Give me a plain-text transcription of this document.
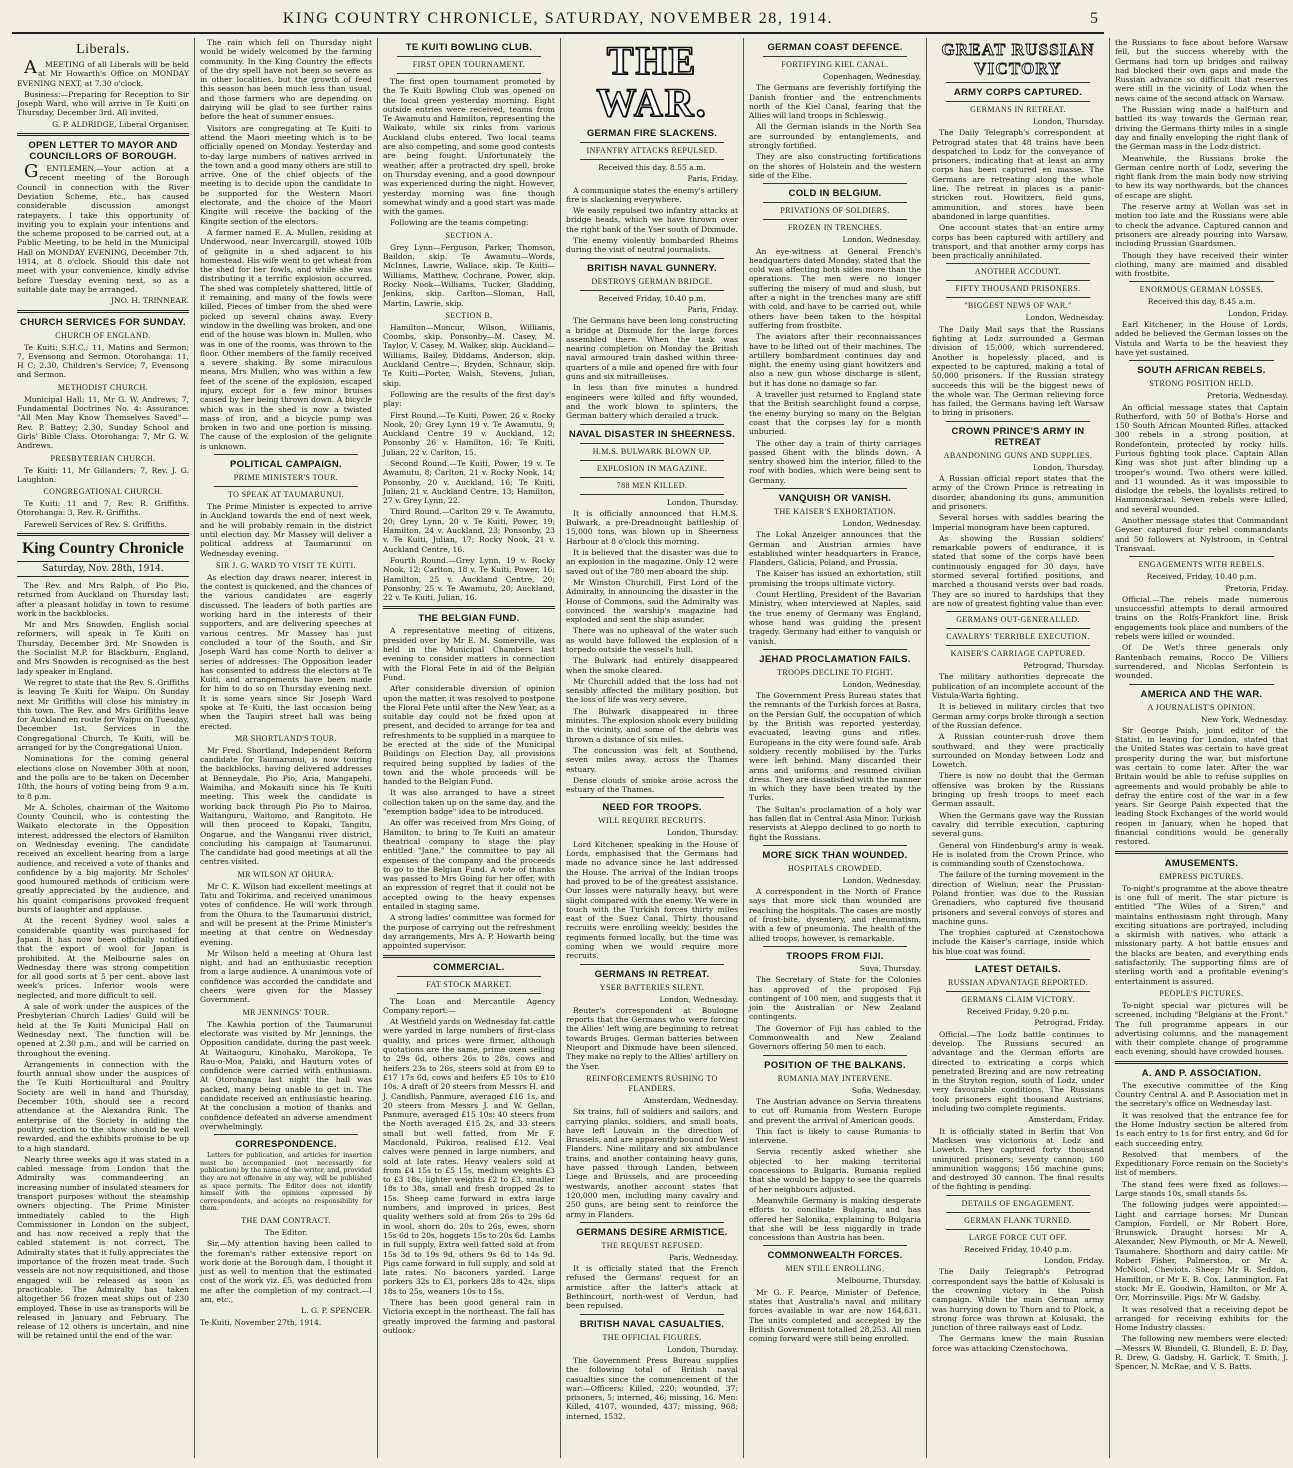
KING COUNTRY CHRONICLE, SATURDAY, NOVEMBER 28, 1914.	5
Liberals.

AMEETING of all Liberals will be held at Mr Howarth's Office on MONDAY EVENING NEXT, at 7.30 o'clock.

Business:—Preparing for Reception to Sir Joseph Ward, who will arrive in Te Kuiti on Thursday, December 3rd. All invited.

G. P. ALDRIDGE, Liberal Organiser.

OPEN LETTER TO MAYOR AND COUNCILLORS OF BOROUGH.

GENTLEMEN,—Your action at a recent meeting of the Borough Council in connection with the River Deviation Scheme, etc., has caused considerable discussion amongst ratepayers. I take this opportunity of inviting you to explain your intentions and the scheme proposed to be carried out, at a Public Meeting, to be held in the Municipal Hall on MONDAY EVENING, December 7th, 1914, at 8 o'clock. Should this date not meet with your convenience, kindly advise before Tuesday evening next, so as a suitable date may be arranged.

JNO. H. TRINNEAR.

CHURCH SERVICES FOR SUNDAY.
CHURCH OF ENGLAND.

Te Kuiti: S.H.C.; 11, Matins and Sermon; 7, Evensong and Sermon. Otorohanga: 11, H C; 2.30, Children's Service; 7, Evensong and Sermon.

METHODIST CHURCH.

Municipal Hall: 11, Mr G. W. Andrews; 7, Fundamental Doctrines No. 4: Assurance: "All Men May Know Themselves Saved"—Rev. P. Battey; 2.30, Sunday School and Girls' Bible Class. Otorohanga: 7, Mr G. W. Andrews.

PRESBYTERIAN CHURCH.

Te Kuiti: 11, Mr Gillanders; 7, Rev. J. G. Laughton.

CONGREGATIONAL CHURCH.

Te Kuiti: 11 and 7, Rev. R. Griffiths. Otorohanga: 3, Rev. R. Griffiths.

Farewell Services of Rev. S. Griffiths.

King Country Chronicle
Saturday, Nov. 28th, 1914.

The Rev. and Mrs Ralph, of Pio Pio, returned from Auckland on Thursday last, after a pleasant holiday in town to resume work in the backblocks.

Mr and Mrs Snowden, English social reformers, will speak in Te Kuiti on Thursday, December 3rd. Mr Snowden is the Socialist M.P. for Blackburn, England, and Mrs Snowden is recognised as the best lady speaker in England.

We regret to state that the Rev. S. Griffiths is leaving Te Kuiti for Waipu. On Sunday next Mr Griffiths will close his ministry in this town. The Rev. and Mrs Griffiths leave for Auckland en route for Waipu on Tuesday, December 1st. Services in the Congregational Church, Te Kuiti, will be arranged for by the Congregational Union.

Nominations for the coming general elections close on November 30th at noon, and the polls are to be taken on December 10th, the hours of voting being from 9 a.m. to 8 p.m.

Mr A. Scholes, chairman of the Waitomo County Council, who is contesting the Waikato electorate in the Opposition interest, addressed the electors of Hamilton on Wednesday evening. The candidate received an excellent hearing from a large audience, and received a vote of thanks and confidence by a big majority. Mr Scholes' good humoured methods of criticism were greatly appreciated by the audience, and his quaint comparisons provoked frequent bursts of laughter and applause.

At the recent Sydney wool sales a considerable quantity was purchased for Japan. It has now been officially notified that the export of wool for Japan is prohibited. At the Melbourne sales on Wednesday there was strong competition for all good sorts at 5 per cent. above last week's prices. Inferior wools were neglected, and more difficult to sell.

A sale of work under the auspices of the Presbyterian Church Ladies' Guild will be held at the Te Kuiti Municipal Hall on Wednesday next. The function will be opened at 2.30 p.m., and will be carried on throughout the evening.

Arrangements in connection with the fourth annual show under the auspices of the Te Kuiti Horticultural and Poultry Society are well in hand and Thursday, December 10th, should see a record attendance at the Alexandra Rink. The enterprise of the Society in adding the poultry section to the show should be well rewarded, and the exhibits promise to be up to a high standard.

Nearly three weeks ago it was stated in a cabled message from London that the Admiralty was commandeering an increasing number of insulated steamers for transport purposes without the steamship owners objecting. The Prime Minister immediately cabled to the High Commissioner in London on the subject, and has now received a reply that the cabled statement is not correct. The Admiralty states that it fully appreciates the importance of the frozen meat trade. Such vessels are not now requisitioned, and those engaged will be released as soon as practicable. The Admiralty has taken altogether 56 frozen meat ships out of 230 employed. These in use as transports will be released in January and February. The release of 12 others is uncertain, and nine will be retained until the end of the war.

The rain which fell on Thursday night would be widely welcomed by the farming community. In the King Country the effects of the dry spell have not been so severe as in other localities, but the growth of feed this season has been much less than usual, and those farmers who are depending on dairying will be glad to see further rains before the heat of summer ensues.

Visitors are congregating at Te Kuiti to attend the Maori meeting which is to be officially opened on Monday. Yesterday and to-day large numbers of natives arrived in the town and a good many others are still to arrive. One of the chief objects of the meeting is to decide upon the candidate to be supported for the Western Maori electorate, and the choice of the Maori Kingite will receive the backing of the Kingite section of the electors.

A farmer named E. A. Mullen, residing at Underwood, near Invercargill, stowed 10lb of gelignite in a shed adjacent to his homestead. His wife went to get wheat from the shed for her fowls, and while she was distributing it a terrific explosion occurred. The shed was completely shattered, little of it remaining, and many of the fowls were killed. Pieces of timber from the shed were picked up several chains away. Every window in the dwelling was broken, and one end of the house was blown in. Mullen, who was in one of the rooms, was thrown to the floor. Other members of the family received a severe shaking. By some miraculous means, Mrs Mullen, who was within a few feet of the scene of the explosion, escaped injury, except for a few minor bruises caused by her being thrown down. A bicycle which was in the shed is now a twisted mass of iron, and a bicycle pump was broken in two and one portion is missing. The cause of the explosion of the gelignite is unknown.

POLITICAL CAMPAIGN.
PRIME MINISTER'S TOUR.
TO SPEAK AT TAUMARUNUI.

The Prime Minister is expected to arrive in Auckland towards the end of next week, and he will probably remain in the district until election day. Mr Massey will deliver a political address at Taumarunui on Wednesday evening.

SIR J. G. WARD TO VISIT TE KUITI.

As election day draws nearer, interest in the contest is quickened, and the chances of the various candidates are eagerly discussed. The leaders of both parties are working hard in the interests of their supporters, and are delivering speeches at various centres. Mr Massey has just concluded a tour of the South, and Sir Joseph Ward has come North to deliver a series of addresses. The Opposition leader has consented to address the electors at Te Kuiti, and arrangements have been made for him to do so on Thursday evening next. It is some years since Sir Joseph Ward spoke at Te Kuiti, the last occasion being when the Taupiri street hall was being erected.

MR SHORTLAND'S TOUR.

Mr Fred. Shortland, Independent Reform candidate for Taumarunui, is now touring the backblocks, having delivered addresses at Benneydale, Pio Pio, Aria, Mangapehi, Waimiha, and Mokauiti since his Te Kuiti meeting. This week the candidate is working back through Pio Pio to Mairoa, Waitanguru, Waitomo, and Rangitoto. He will then proceed to Kopaki, Tangitu, Ongarue, and the Wanganui river district, concluding his campaign at Taumarunui. The candidate had good meetings at all the centres visited.

MR WILSON AT OHURA.

Mr C. K. Wilson had excellent meetings at Tatu and Tokirima, and received unanimous votes of confidence. He will work through from the Ohura to the Taumarunui district, and will be present at the Prime Minister's meeting at that centre on Wednesday evening.

Mr Wilson held a meeting at Ohura last night, and had an enthusiastic reception from a large audience. A unanimous vote of confidence was accorded the candidate and cheers were given for the Massey Government.

MR JENNINGS' TOUR.

The Kawhia portion of the Taumarunui electorate was visited by Mr Jennings, the Opposition candidate, during the past week. At Waitaoguru, Kinohaku, Marokopa, Te Rau-o-Moa, Paiaki, and Hauturu votes of confidence were carried with enthusiasm. At Otorohanga last night the hall was packed, many being unable to get in. The candidate received an enthusiastic hearing. At the conclusion a motion of thanks and confidence defeated an adverse amendment overwhelmingly.

CORRESPONDENCE.

Letters for publication, and articles for insertion must be accompanied (not necessarily for publication) by the name of the writer, and, provided they are not offensive in any way, will be published as space permits. The Editor does not identify himself with the opinions expressed by correspondents, and accepts no responsibility for them.

THE DAM CONTRACT.

The Editor.

Sir,—My attention having been called to the foreman's rather extensive report on work done at the Borough dam, I thought it just as well to mention that the estimated cost of the work viz. £5, was deducted from me after the completion of my contract.—I am, etc.,

L. G. P. SPENCER.

Te Kuiti, November 27th, 1914.

TE KUITI BOWLING CLUB.
FIRST OPEN TOURNAMENT.

The first open tournament promoted by the Te Kuiti Bowling Club was opened on the local green yesterday morning. Eight outside entries were received, teams from Te Awamutu and Hamilton, representing the Waikato, while six rinks from various Auckland clubs entered. Two local teams are also competing, and some good contests are being fought. Unfortunately the weather, after a protracted dry spell, broke on Thursday evening, and a good downpour was experienced during the night. However, yesterday morning was fine though somewhat windy and a good start was made with the games.

Following are the teams competing:

SECTION A.

Grey Lynn—Ferguson, Parker, Thomson, Baildon, skip. Te Awamutu—Words, McInnes, Lawrie, Wallace, skip. Te Kuiti—Williams, Matthew, Cochrane, Power, skip. Rocky Nook—Williams, Tucker, Gladding, Jenkins, skip. Carlton—Sloman, Hall, Martin, Lawrie, skip.

SECTION B.

Hamilton—Moncur, Wilson, Williams, Coombs, skip. Ponsonby—M. Casey, M. Taylor, V. Casey, M. Walker, skip. Auckland—Williams, Bailey, Diddams, Anderson, skip. Auckland Centre—, Bryden, Schnaur, skip. Te Kuiti—Porter, Walsh, Stevens, Julian, skip.

Following are the results of the first day's play:

First Round.—Te Kuiti, Power, 26 v. Rocky Nook, 20; Grey Lynn 19 v. Te Awamutu, 9; Auckland Centre 19 v. Auckland, 12; Ponsonby 26 v. Hamilton, 16; Te Kuiti, Julian, 22 v. Carlton, 15.

Second Round.—Te Kuiti, Power, 19 v. Te Awamutu, 8; Carlton, 21 v. Rocky Nook, 14; Ponsonby, 20 v. Auckland, 16; Te Kuiti, Julian, 21 v. Auckland Centre, 13; Hamilton, 27 v. Grey Lynn, 22.

Third Round.—Carlton 29 v. Te Awamutu, 20; Grey Lynn, 20 v. Te Kuiti, Power, 19; Hamilton, 24 v. Auckland, 23; Ponsonby, 23 v. Te Kuiti, Julian, 17; Rocky Nook, 21 v. Auckland Centre, 16.

Fourth Round.—Grey Lynn, 19 v. Rocky Nook, 12; Carlton, 18 v. Te Kuiti, Power, 16; Hamilton, 25 v. Auckland Centre, 20; Ponsonby, 25 v. Te Awamutu, 20; Auckland, 22 v. Te Kuiti, Julian, 16.

THE BELGIAN FUND.

A representative meeting of citizens, presided over by Mr E. M. Somerville, was held in the Municipal Chambers last evening to consider matters in connection with the Floral Fete in aid of the Belgian Fund.

After considerable diversion of opinion upon the matter, it was resolved to postpone the Floral Fete until after the New Year, as a suitable day could not be fixed upon at present, and decided to arrange for tea and refreshments to be supplied in a marquee to be erected at the side of the Municipal Buildings on Election Day, all provisions required being supplied by ladies of the town and the whole proceeds will be handed to the Belgian Fund.

It was also arranged to have a street collection taken up on the same day, and the "exemption badge" idea to be introduced.

An offer was received from Mrs Going, of Hamilton, to bring to Te Kuiti an amateur theatrical company to stage the play entitled "Jane," the committee to pay all expenses of the company and the proceeds to go to the Belgian Fund. A vote of thanks was passed to Mrs Going for her offer, with an expression of regret that it could not be accepted owing to the heavy expenses entailed in staging same.

A strong ladies' committee was formed for the purpose of carrying out the refreshment day arrangements, Mrs A. P. Howarth being appointed supervisor.

COMMERCIAL.
FAT STOCK MARKET.

The Loan and Mercantile Agency Company report:—

At Westfield yards on Wednesday fat cattle were yarded in large numbers of first-class quality, and prices were firmer, although quotations are the same, prime oxen selling to 29s 6d, others 26s to 28s, cows and heifers 23s to 26s, steers sold at from £9 to £17 17s 6d, cows and heifers £5 10s to £10 10s. A draft of 20 steers from Messrs H. and J. Candlish, Panmure, averaged £16 1s, and 20 steers from Messrs J. and W. Gellan, Panmure, averaged £15 10s; 40 steers from the North averaged £15 2s, and 33 steers small but well fatted, from Mr F. Macdonald, Pukiroa, realised £12. Veal calves were penned in large numbers, and sold at late rates. Heavy vealers sold at from £4 15s to £5 15s, medium weights £3 to £3 18s, lighter weights £2 to £3, smaller 18s to 38s, small and fresh dropped 2s to 15s. Sheep came forward in extra large numbers, and improved in prices. Best quality wethers sold at from 26s to 29s 6d in wool, shorn do. 20s to 26s, ewes, shorn 15s 6d to 20s, hoggets 15s to 20s 6d. Lambs in full supply, Extra well fatted sold at from 15s 3d to 19s 9d, others 9s 6d to 14s 9d. Pigs came forward in full supply, and sold at late rates. No baconers yarded. Large porkers 32s to £3, porkers 28s to 42s, slips 18s to 25s, weaners 10s to 15s.

There has been good general rain in Victoria except in the northeast. The fall has greatly improved the farming and pastoral outlook.

THE WAR.
GERMAN FIRE SLACKENS.
INFANTRY ATTACKS REPULSED.

Received this day, 8.55 a.m.

Paris, Friday.

A communique states the enemy's artillery fire is slackening everywhere.

We easily repulsed two infantry attacks at bridge heads, which we have thrown over the right bank of the Yser south of Dixmude.

The enemy violently bombarded Rheims during the visit of neutral journalists.

BRITISH NAVAL GUNNERY.
DESTROYS GERMAN BRIDGE.

Received Friday, 10.40 p.m.

Paris, Friday.

The Germans have been long constructing a bridge at Dixmude for the large forces assembled there. When the task was nearing completion on Monday the British naval armoured train dashed within three-quarters of a mile and opened fire with four guns and six mitrailleuses.

In less than five minutes a hundred engineers were killed and fifty wounded, and the work blown to splinters, the German battery which derailed a truck.

NAVAL DISASTER IN SHEERNESS.
H.M.S. BULWARK BLOWN UP.
EXPLOSION IN MAGAZINE.
788 MEN KILLED.

London, Thursday.

It is officially announced that H.M.S. Bulwark, a pre-Dreadnought battleship of 15,000 tons, was blown up in Sheerness Harbour at 8 o'clock this morning.

It is believed that the disaster was due to an explosion in the magazine. Only 12 were saved out of the 780 men aboard the ship.

Mr Winston Churchill, First Lord of the Admiralty, in announcing the disaster in the House of Commons, said the Admiralty was convinced the warship's magazine had exploded and sent the ship asunder.

There was no upheaval of the water such as would have followed the explosion of a torpedo outside the vessel's hull.

The Bulwark had entirely disappeared when the smoke cleared.

Mr Churchill added that the loss had not sensibly affected the military position, but the loss of life was very severe.

The Bulwark disappeared in three minutes. The explosion shook every building in the vicinity, and some of the debris was thrown a distance of six miles.

The concussion was felt at Southend, seven miles away, across the Thames estuary.

Dense clouds of smoke arose across the estuary of the Thames.

NEED FOR TROOPS.
WILL REQUIRE RECRUITS.

London, Thursday.

Lord Kitchener, speaking in the House of Lords, emphasised that the Germans had made no advance since he last addressed the House. The arrival of the Indian troops had proved to be of the greatest assistance. Our losses were naturally heavy, but were slight compared with the enemy. We were in touch with the Turkish forces thirty miles east of the Suez Canal. Thirty thousand recruits were enrolling weekly, besides the regiments formed locally, but the time was coming when we would require more recruits.

GERMANS IN RETREAT.
YSER BATTERIES SILENT.

London, Wednesday.

Reuter's correspondent at Boulogne reports that the Germans who were forcing the Allies' left wing are beginning to retreat towards Bruges. German batteries between Nieuport and Dixmude have been silenced. They make no reply to the Allies' artillery on the Yser.

REINFORCEMENTS RUSHING TO FLANDERS.

Amsterdam, Wednesday.

Six trains, full of soldiers and sailors, and carrying planks, soldiers, and small boats, have left Louvain in the direction of Brussels, and are apparently bound for West Flanders. Nine military and six ambulance trains, and another containing heavy guns, have passed through Landen, between Liege and Brussels, and are proceeding westwards, another account states that 120,000 men, including many cavalry and 250 guns, are being sent to reinforce the army in Flanders.

GERMANS DESIRE ARMISTICE.
THE REQUEST REFUSED.

Paris, Wednesday.

It is officially stated that the French refused the Germans' request for an armistice after the latter's attack at Bethincourt, north-west of Verdun, had been repulsed.

BRITISH NAVAL CASUALTIES.
THE OFFICIAL FIGURES.

London, Thursday.

The Government Press Bureau supplies the following total of British naval casualties since the commencement of the war:—Officers: Killed, 220; wounded, 37; prisoners, 5; interned, 46; missing, 16. Men: Killed, 4107, wounded, 437; missing, 968; interned, 1532.

GERMAN COAST DEFENCE.
FORTIFYING KIEL CANAL.

Copenhagen, Wednesday.

The Germans are feverishly fortifying the Danish frontier and the entrenchments north of the Kiel Canal, fearing that the Allies will land troops in Schleswig.

All the German islands in the North Sea are surrounded by entanglements, and strongly fortified.

They are also constructing fortifications on the shores of Holstein and the western side of the Elbe.

COLD IN BELGIUM.
PRIVATIONS OF SOLDIERS.
FROZEN IN TRENCHES.

London, Wednesday.

An eye-witness at General French's headquarters dated Monday, stated that the cold was affecting both sides more than the operations. The men were no longer suffering the misery of mud and slush, but after a night in the trenches many are stiff with cold, and have to be carried out, while others have been taken to the hospital suffering from frostbite.

The aviators after their reconnaissances have to be lifted out of their machines. The artillery bombardment continues day and night, the enemy using giant howitzers and also a new gun whose discharge is silent, but it has done no damage so far.

A traveller just returned to England state that the British searchlight found a corpse, the enemy burying so many on the Belgian coast that the corpses lay for a month unburied.

The other day a train of thirty carriages passed Ghent with the blinds down. A sentry showed him the interior, filled to the roof with bodies, which were being sent to Germany.

VANQUISH OR VANISH.
THE KAISER'S EXHORTATION.

London, Wednesday.

The Lokal Anzeiger announces that the German and Austrian armies have established winter headquarters in France, Flanders, Galicia, Poland, and Prussia.

The Kaiser has issued an exhortation, still promising the troops ultimate victory.

Count Hertling, President of the Bavarian Ministry, when interviewed at Naples, said the true enemy of Germany was England, whose hand was guiding the present tragedy. Germany had either to vanquish or vanish.

JEHAD PROCLAMATION FAILS.
TROOPS DECLINE TO FIGHT.

London, Wednesday.

The Government Press Bureau states that the remnants of the Turkish forces at Basra, on the Persian Gulf, the occupation of which by the British was reported yesterday, evacuated, leaving guns and rifles. Europeans in the city were found safe. Arab soldiery recently mobilised by the Turks were left behind. Many discarded their arms and uniforms and resumed civilian dress. They are dissatisfied with the manner in which they have been treated by the Turks.

The Sultan's proclamation of a holy war has fallen flat in Central Asia Minor. Turkish reservists at Aleppo declined to go north to fight the Russians.

MORE SICK THAN WOUNDED.
HOSPITALS CROWDED.

London, Wednesday.

A correspondent in the North of France says that more sick than wounded are reaching the hospitals. The cases are mostly of frost-bite, dysentery, and rheumatism, with a few of pneumonia. The health of the allied troops, however, is remarkable.

TROOPS FROM FIJI.

Suva, Thursday.

The Secretary of State for the Colonies has approved of the proposed Fiji contingent of 100 men, and suggests that it join the Australian or New Zealand contingents.

The Governor of Fiji has cabled to the Commonwealth and New Zealand Governors offering 50 men to each.

POSITION OF THE BALKANS.
RUMANIA MAY INTERVENE.

Sofia, Wednesday.

The Austrian advance on Servia threatens to cut off Rumania from Western Europe and prevent the arrival of American goods.

This fact is likely to cause Rumania to intervene.

Servia recently asked whether she objected to her making territorial concessions to Bulgaria. Rumania replied that she would be happy to see the quarrels of her neighbours adjusted.

Meanwhile Germany is making desperate efforts to conciliate Bulgaria, and has offered her Salonika, explaining to Bulgaria that she will be less niggardly in trade concessions than Austria has been.

COMMONWEALTH FORCES.
MEN STILL ENROLLING.

Melbourne, Thursday.

Mr G. F. Pearce, Minister of Defence, states that Australia's naval and military forces available in war are now 164,631. The units completed and accepted by the British Government totalled 28,253. All men coming forward were still being enrolled.

GREAT RUSSIAN VICTORY
ARMY CORPS CAPTURED.
GERMANS IN RETREAT.

London, Thursday.

The Daily Telegraph's correspondent at Petrograd states that 48 trains have been despatched to Lodz for the conveyance of prisoners, indicating that at least an army corps has been captured en masse. The Germans are retreating along the whole line. The retreat in places is a panic-stricken rout. Howitzers, field guns, ammunition, and stores have been abandoned in large quantities.

One account states that an entire army corps has been captured with artillery and transport, and that another army corps has been practically annihilated.

ANOTHER ACCOUNT.
FIFTY THOUSAND PRISONERS.
"BIGGEST NEWS OF WAR."

London, Wednesday.

The Daily Mail says that the Russians fighting at Lodz surrounded a German division of 15,000, which surrendered. Another is hopelessly placed, and is expected to be captured, making a total of 50,000 prisoners. If the Russian strategy succeeds this will be the biggest news of the whole war. The German relieving force has failed, the Germans having left Warsaw to bring in prisoners.

CROWN PRINCE'S ARMY IN RETREAT
ABANDONING GUNS AND SUPPLIES.

London, Thursday.

A Russian official report states that the army of the Crown Prince is retreating in disorder, abandoning its guns, ammunition and prisoners.

Several horses with saddles bearing the Imperial monogram have been captured.

As showing the Russian soldiers' remarkable powers of endurance, it is stated that some of the corps have been continuously engaged for 30 days, have stormed several fortified positions, and marched a thousand versts over bad roads. They are so inured to hardships that they are now of greatest fighting value than ever.

GERMANS OUT-GENERALLED.
CAVALRYS' TERRIBLE EXECUTION.
KAISER'S CARRIAGE CAPTURED.

Petrograd, Thursday.

The military authorities deprecate the publication of an incomplete account of the Vistula-Warta fighting.

It is believed in military circles that two German army corps broke through a section of the Russian defence.

A Russian counter-rush drove them southward, and they were practically surrounded on Monday between Lodz and Lowetch.

There is now no doubt that the German offensive was broken by the Russians bringing up fresh troops to meet each German assault.

When the Germans gave way the Russian cavalry did terrible execution, capturing several guns.

General von Hindenburg's army is weak. He is isolated from the Crown Prince, who is commanding south of Czenstochowa.

The failure of the turning movement in the direction of Wieliun, near the Prussian-Poland frontier, was due to the Russian Grenadiers, who captured five thousand prisoners and several convoys of stores and machine guns.

The trophies captured at Czenstochowa include the Kaiser's carriage, inside which his blue coat was found.

LATEST DETAILS.
RUSSIAN ADVANTAGE REPORTED.
GERMANS CLAIM VICTORY.

Received Friday, 9.20 p.m.

Petrograd, Friday.

Official.—The Lodz battle continues to develop. The Russians secured an advantage and the German efforts are directed to extricating a corps which penetrated Brezing and are now retreating in the Stryton region, south of Lodz, under very favourable conditions. The Russians took prisoners eight thousand Austrians, including two complete regiments.

Amsterdam, Friday.

It is officially stated in Berlin that Von Macksen was victorious at Lodz and Lowetch. They captured forty thousand uninjured prisoners; seventy cannon; 160 ammunition waggons; 156 machine guns; and destroyed 30 cannon. The final results of the fighting is pending.

DETAILS OF ENGAGEMENT.
GERMAN FLANK TURNED.
LARGE FORCE CUT OFF.

Received Friday, 10.40 p.m.

London, Friday.

The Daily Telegraph's Petrograd correspondent says the battle of Kolusaki is the crowning victory in the Polish campaign. While the main German army was hurrying down to Thorn and to Plock, a strong force was thrown at Kolusaki, the junction of three railways east of Lodz.

The Germans knew the main Russian force was attacking Czenstochowa.

the Russians to face about before Warsaw fell, but the success whereby with the Germans had torn up bridges and railway had blocked their own gaps and made the Russian advance so difficult that reserves were still in the vicinity of Lodz when the news came of the second attack on Warsaw.

The Russian wing made a half-turn and battled its way towards the German rear, driving the Germans thirty miles in a single day and finally enveloping the right flank of the German mass in the Lodz district.

Meanwhile, the Russians broke the German centre north of Lodz, severing the right flank from the main body now striving to hew its way northwards, but the chances of escape are slight.

The reserve army at Wollan was set in motion too late and the Russians were able to check the advance. Captured cannon and prisoners are already pouring into Warsaw, including Prussian Guardsmen.

Though they have received their winter clothing, many are maimed and disabled with frostbite.

ENORMOUS GERMAN LOSSES.

Received this day, 8.45 a.m.

London, Friday.

Earl Kitchener, in the House of Lords, added he believed the German losses on the Vistula and Warta to be the heaviest they have yet sustained.

SOUTH AFRICAN REBELS.
STRONG POSITION HELD.

Pretoria, Wednesday.

An official message states that Captain Rutherford, with 50 of Botha's Horse and 150 South African Mounted Rifles, attacked 300 rebels in a strong position, at Rondefontein, protected by rocky hills. Furious fighting took place. Captain Allan King was shot just after blinding up a trooper's wound. Two others were killed, and 11 wounded. As it was impossible to dislodge the rebels, the loyalists retired to Hammonskraal. Seven rebels were killed, and several wounded.

Another message states that Commandant Geyser captured four rebel commandants and 50 followers at Nylstroom, in Central Transvaal.

ENGAGEMENTS WITH REBELS.

Received, Friday, 10.40 p.m.

Pretoria, Friday.

Official.—The rebels made numerous unsuccessful attempts to derail armoured trains on the Rolfs-Frankfort line. Brisk engagements took place and numbers of the rebels were killed or wounded.

Of De Wet's three generals only Rantenbach remains, Rocco De Villiers surrendered, and Nicolas Serfontein is wounded.

AMERICA AND THE WAR.
A JOURNALIST'S OPINION.

New York, Wednesday.

Sir George Paish, joint editor of the Statist, in leaving for London, stated that the United States was certain to have great prosperity during the war, but misfortune was certain to come later. After the war Britain would be able to refuse supplies on agreements and would probably be able to defray the entire cost of the war in a few years. Sir George Paish expected that the leading Stock Exchanges of the world would reopen in January, when he hoped that financial conditions would be generally restored.

AMUSEMENTS.
EMPRESS PICTURES.

To-night's programme at the above theatre is one full of merit. The star picture is entitled "The Wiles of a Siren," and maintains enthusiasm right through. Many exciting situations are portrayed, including a skirmish with natives, who attack a missionary party. A hot battle ensues and the blacks are beaten, and everything ends satisfactorily. The supporting films are of sterling worth and a profitable evening's entertainment is assured.

PEOPLE'S PICTURES.

To-night special war pictures will be screened, including "Belgians at the Front." The full programme appears in our advertising columns, and the management with their complete change of programme each evening, should have crowded houses.

A. AND P. ASSOCIATION.

The executive committee of the King Country Central A. and P. Association met in the secretary's office on Wednesday last.

It was resolved that the entrance fee for the Home Industry section be altered from 1s each entry to 1s for first entry, and 6d for each succeeding entry.

Resolved that members of the Expeditionary Force remain on the Society's list of members.

The stand fees were fixed as follows:—Large stands 10s, small stands 5s.

The following judges were appointed:—Light and carriage horses: Mr Duncan Campion, Fordell, or Mr Robert Hore, Brunswick. Draught horses: Mr A. Alexander, New Plymouth, or Mr A. Newell, Taumahere. Shorthorn and dairy cattle: Mr Robert Fisher, Palmerston, or Mr A. McNicol, Cheviots. Sheep: Mr R. Seddon, Hamilton, or Mr E. B. Cox, Lanmington. Fat stock: Mr E. Goodwin, Hamilton, or Mr A. Orr, Morrinsville. Pigs: Mr W. Gadsby.

It was resolved that a receiving depot be arranged for receiving exhibits for the Home Industry classes.

The following new members were elected:—Messrs W. Blundell, G. Blundell, E. D. Day, R. Drew, G. Gadsby, H. Garlick, T. Smith, J. Spencer, N. McRae, and V. S. Batts.
